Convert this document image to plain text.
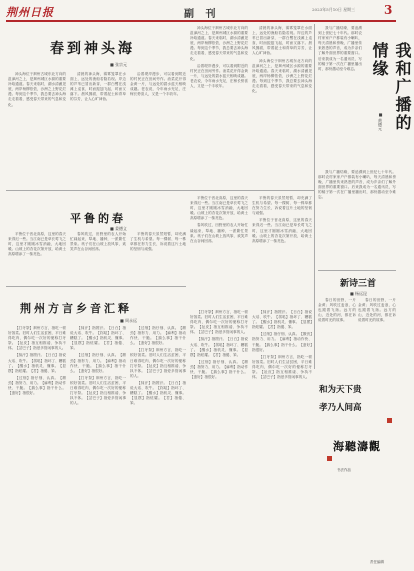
荆州日报	副 刊	2023年5月10日 星期三	3
春到神头海
■ 张宗元

神头海位于荆州古城东北方向的沮漳河之上，是荆州城区水源的重要补给通道。春天来临时，湖水清澈见底，两岸杨柳依依，沙洲之上野花烂漫。每到这个季节，我总要去神头海走走看看，感受春天带来的气息和变化。

清晨的神头海，薄雾笼罩在水面上，远处的渔船若隐若现。岸边的芦苇已冒出新芽，一群白鹭在浅滩上觅食，时而振翅飞起，时而又落下。晨风拂面，带着泥土和青草的芬芳，让人心旷神怡。

沿着堤岸漫步，可以看到附近的村民正在田间劳作。油菜花开得金黄一片，与远处的碧水蓝天相映成趣。老农说，今年雨水充足，庄稼长势喜人，又是一个丰收年。

神头海位于荆州古城东北方向的沮漳河之上，是荆州城区水源的重要补给通道。春天来临时，湖水清澈见底，两岸杨柳依依，沙洲之上野花烂漫。每到这个季节，我总要去神头海走走看看，感受春天带来的气息和变化。

沿着堤岸漫步，可以看到附近的村民正在田间劳作。油菜花开得金黄一片，与远处的碧水蓝天相映成趣。老农说，今年雨水充足，庄稼长势喜人，又是一个丰收年。

清晨的神头海，薄雾笼罩在水面上，远处的渔船若隐若现。岸边的芦苇已冒出新芽，一群白鹭在浅滩上觅食，时而振翅飞起，时而又落下。晨风拂面，带着泥土和青草的芬芳，让人心旷神怡。

神头海位于荆州古城东北方向的沮漳河之上，是荆州城区水源的重要补给通道。春天来临时，湖水清澈见底，两岸杨柳依依，沙洲之上野花烂漫。每到这个季节，我总要去神头海走走看看，感受春天带来的气息和变化。

我与广播结缘，要追溯到上世纪七十年代。那时农村家家户户都装有小喇叭，每天清晨和傍晚，广播里传来熟悉的声音，成为乡亲们了解外面世界的重要窗口。后来我成为一名通讯员，写的稿子第一次在广播里播出时，那份激动至今难忘。	我和广播的情缘
■ 黄德元

我与广播结缘，要追溯到上世纪七十年代。那时农村家家户户都装有小喇叭，每天清晨和傍晚，广播里传来熟悉的声音，成为乡亲们了解外面世界的重要窗口。后来我成为一名通讯员，写的稿子第一次在广播里播出时，那份激动至今难忘。

平鲁的春
■ 姜德义

平鲁位于晋北高原，这里的春天来得迟一些。当江南已是草长莺飞之时，这里才刚刚冰雪消融，大地回暖。山坡上的杏花次第开放，给黄土高原增添了一抹亮色。

春风吹过，田野里的农人开始忙碌起来，犁地、播种，一派繁忙景象。孩子们在山坡上放风筝，欢笑声在山谷间回荡。

平鲁的春天虽然短暂，却充满了生机与希望。每一棵树、每一株草都在努力生长，诉说着这片土地的坚韧与顽强。

平鲁位于晋北高原，这里的春天来得迟一些。当江南已是草长莺飞之时，这里才刚刚冰雪消融，大地回暖。山坡上的杏花次第开放，给黄土高原增添了一抹亮色。

春风吹过，田野里的农人开始忙碌起来，犁地、播种，一派繁忙景象。孩子们在山坡上放风筝，欢笑声在山谷间回荡。

平鲁的春天虽然短暂，却充满了生机与希望。每一棵树、每一株草都在努力生长，诉说着这片土地的坚韧与顽强。

平鲁位于晋北高原，这里的春天来得迟一些。当江南已是草长莺飞之时，这里才刚刚冰雪消融，大地回暖。山坡上的杏花次第开放，给黄土高原增添了一抹亮色。

荆州方言乡音汇释
■ 周永远

【打牙祭】荆州方言，指吃一顿好饭菜。旧时人们生活贫困，平日难得吃肉，偶尔吃一次好的便称打牙祭。【扯皮】指互相推诿、争执不休。【岔巴子】指爱多管闲事的人。

【抹汗】指擦汗。【日白】指说大话、吹牛。【拐哒】指坏了、糟糕了。【醒水】指机灵、懂事。【显摆】指炫耀。【苕】指傻、笨。

【过细】指仔细、认真。【攒劲】指努力、用力。【麻利】指动作快、干脆。【搞么事】指干什么。【蛮好】指很好。

【抹汗】指擦汗。【日白】指说大话、吹牛。【拐哒】指坏了、糟糕了。【醒水】指机灵、懂事。【显摆】指炫耀。【苕】指傻、笨。

【过细】指仔细、认真。【攒劲】指努力、用力。【麻利】指动作快、干脆。【搞么事】指干什么。【蛮好】指很好。

【打牙祭】荆州方言，指吃一顿好饭菜。旧时人们生活贫困，平日难得吃肉，偶尔吃一次好的便称打牙祭。【扯皮】指互相推诿、争执不休。【岔巴子】指爱多管闲事的人。

【过细】指仔细、认真。【攒劲】指努力、用力。【麻利】指动作快、干脆。【搞么事】指干什么。【蛮好】指很好。

【打牙祭】荆州方言，指吃一顿好饭菜。旧时人们生活贫困，平日难得吃肉，偶尔吃一次好的便称打牙祭。【扯皮】指互相推诿、争执不休。【岔巴子】指爱多管闲事的人。

【抹汗】指擦汗。【日白】指说大话、吹牛。【拐哒】指坏了、糟糕了。【醒水】指机灵、懂事。【显摆】指炫耀。【苕】指傻、笨。

【打牙祭】荆州方言，指吃一顿好饭菜。旧时人们生活贫困，平日难得吃肉，偶尔吃一次好的便称打牙祭。【扯皮】指互相推诿、争执不休。【岔巴子】指爱多管闲事的人。

【抹汗】指擦汗。【日白】指说大话、吹牛。【拐哒】指坏了、糟糕了。【醒水】指机灵、懂事。【显摆】指炫耀。【苕】指傻、笨。

【过细】指仔细、认真。【攒劲】指努力、用力。【麻利】指动作快、干脆。【搞么事】指干什么。【蛮好】指很好。

【抹汗】指擦汗。【日白】指说大话、吹牛。【拐哒】指坏了、糟糕了。【醒水】指机灵、懂事。【显摆】指炫耀。【苕】指傻、笨。

【过细】指仔细、认真。【攒劲】指努力、用力。【麻利】指动作快、干脆。【搞么事】指干什么。【蛮好】指很好。

【打牙祭】荆州方言，指吃一顿好饭菜。旧时人们生活贫困，平日难得吃肉，偶尔吃一次好的便称打牙祭。【扯皮】指互相推诿、争执不休。【岔巴子】指爱多管闲事的人。

新诗三首
■ 杨远昆

春日的田野，一片金黄；风吹过麦浪，心也跟着飞扬。远方的山，近处的河，都在诉说着时光的故事。

春日的田野，一片金黄；风吹过麦浪，心也跟着飞扬。远方的山，近处的河，都在诉说着时光的故事。

和为天下贵
孝乃人间高
海聽濤觀
书法作品
责任编辑
